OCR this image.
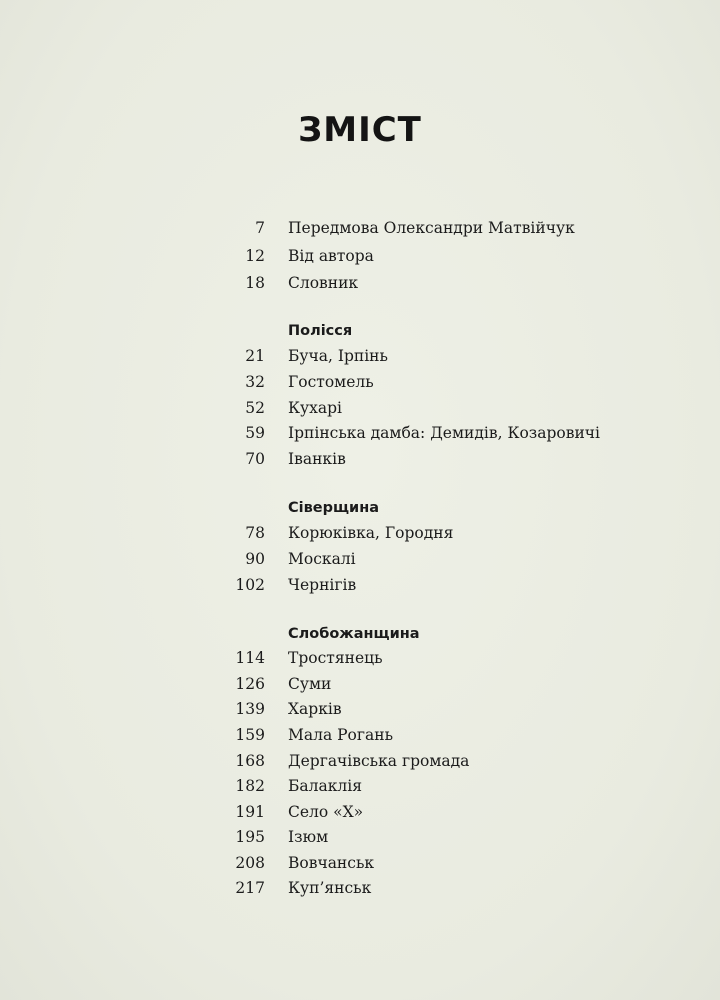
ЗМІСТ
7 Передмова Олександри Матвійчук
12 Від автора
18 Словник
Полісся
21 Буча, Ірпінь
32 Гостомель
52 Кухарі
59 Ірпінська дамба: Демидів, Козаровичі
70 Іванків
Сіверщина
78 Корюківка, Городня
90 Москалі
102 Чернігів
Слобожанщина
114 Тростянець
126 Суми
139 Харків
159 Мала Рогань
168 Дергачівська громада
182 Балаклія
191 Село «Х»
195 Ізюм
208 Вовчанськ
217 Куп’янськ
